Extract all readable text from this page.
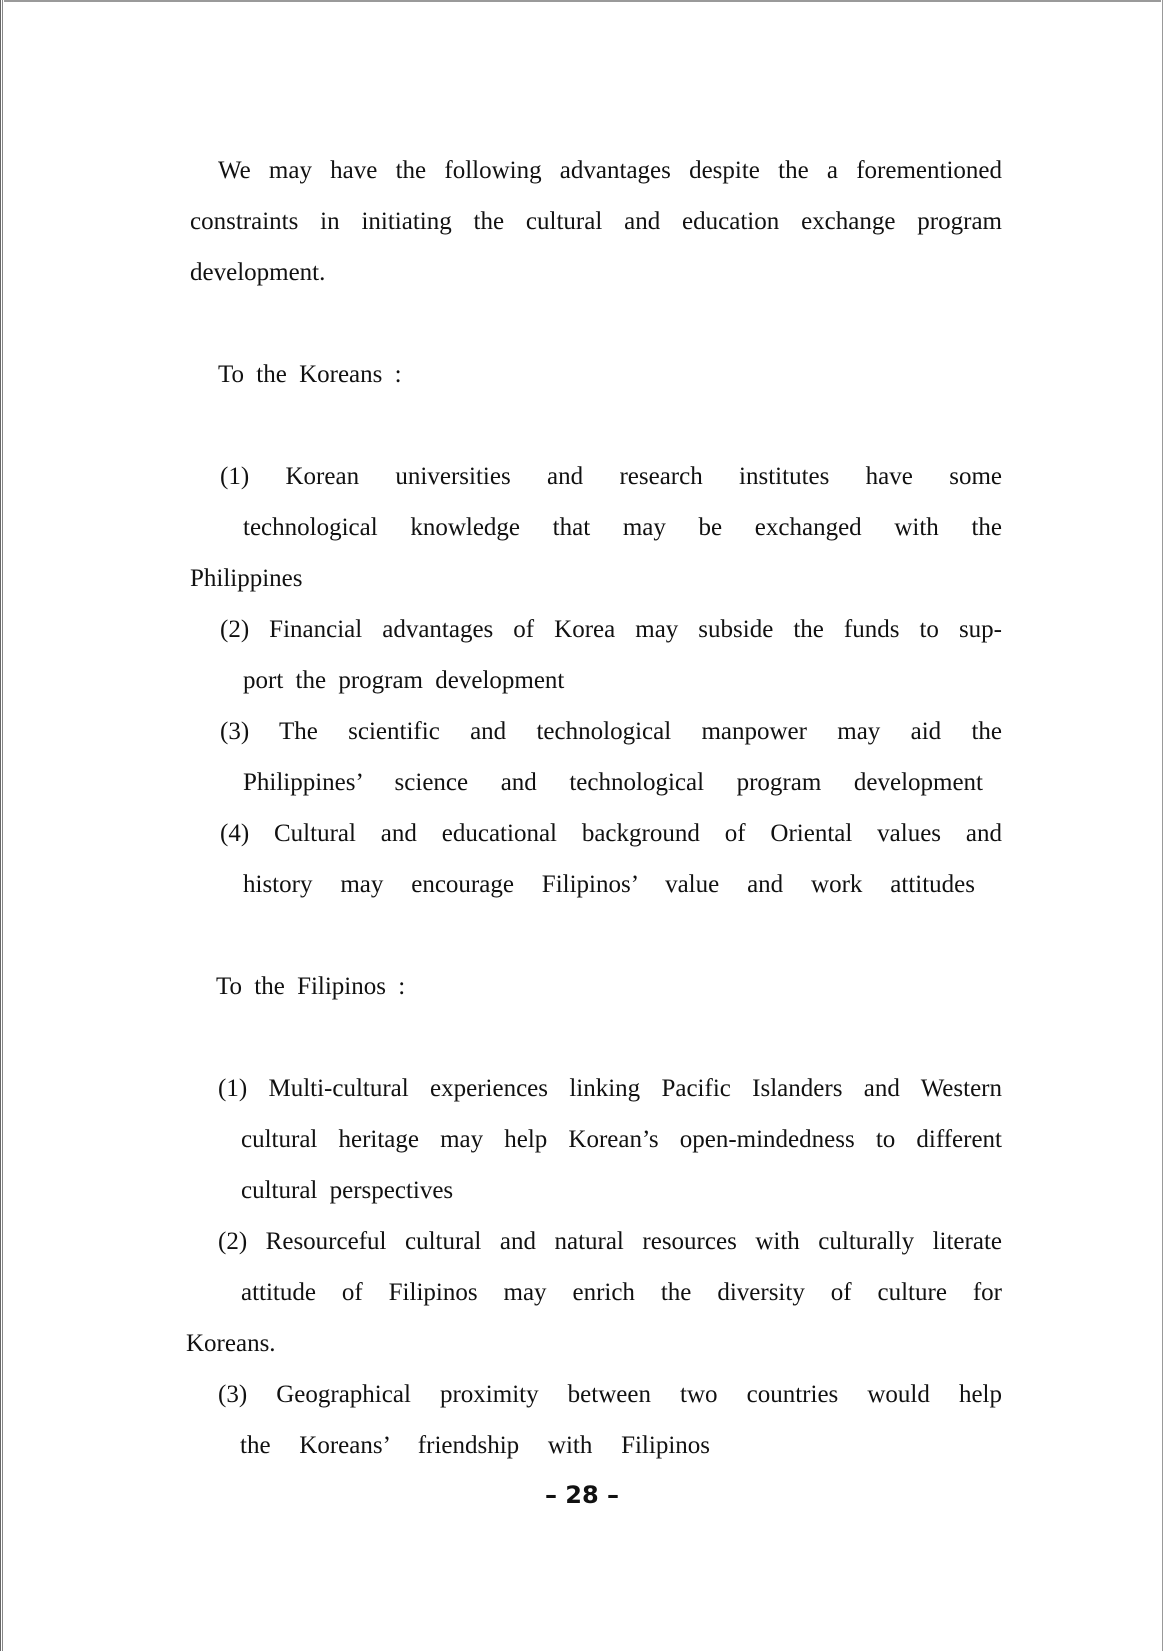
We may have the following advantages despite the a forementioned
constraints in initiating the cultural and education exchange program
development.
To the Koreans :
(1) Korean universities and research institutes have some
technological knowledge that may be exchanged with the
Philippines
(2) Financial advantages of Korea may subside the funds to sup-
port the program development
(3) The scientific and technological manpower may aid the
Philippines’ science and technological program development
(4) Cultural and educational background of Oriental values and
history may encourage Filipinos’ value and work attitudes
To the Filipinos :
(1) Multi-cultural experiences linking Pacific Islanders and Western
cultural heritage may help Korean’s open-mindedness to different
cultural perspectives
(2) Resourceful cultural and natural resources with culturally literate
attitude of Filipinos may enrich the diversity of culture for
Koreans.
(3) Geographical proximity between two countries would help
the Koreans’ friendship with Filipinos
– 28 –
